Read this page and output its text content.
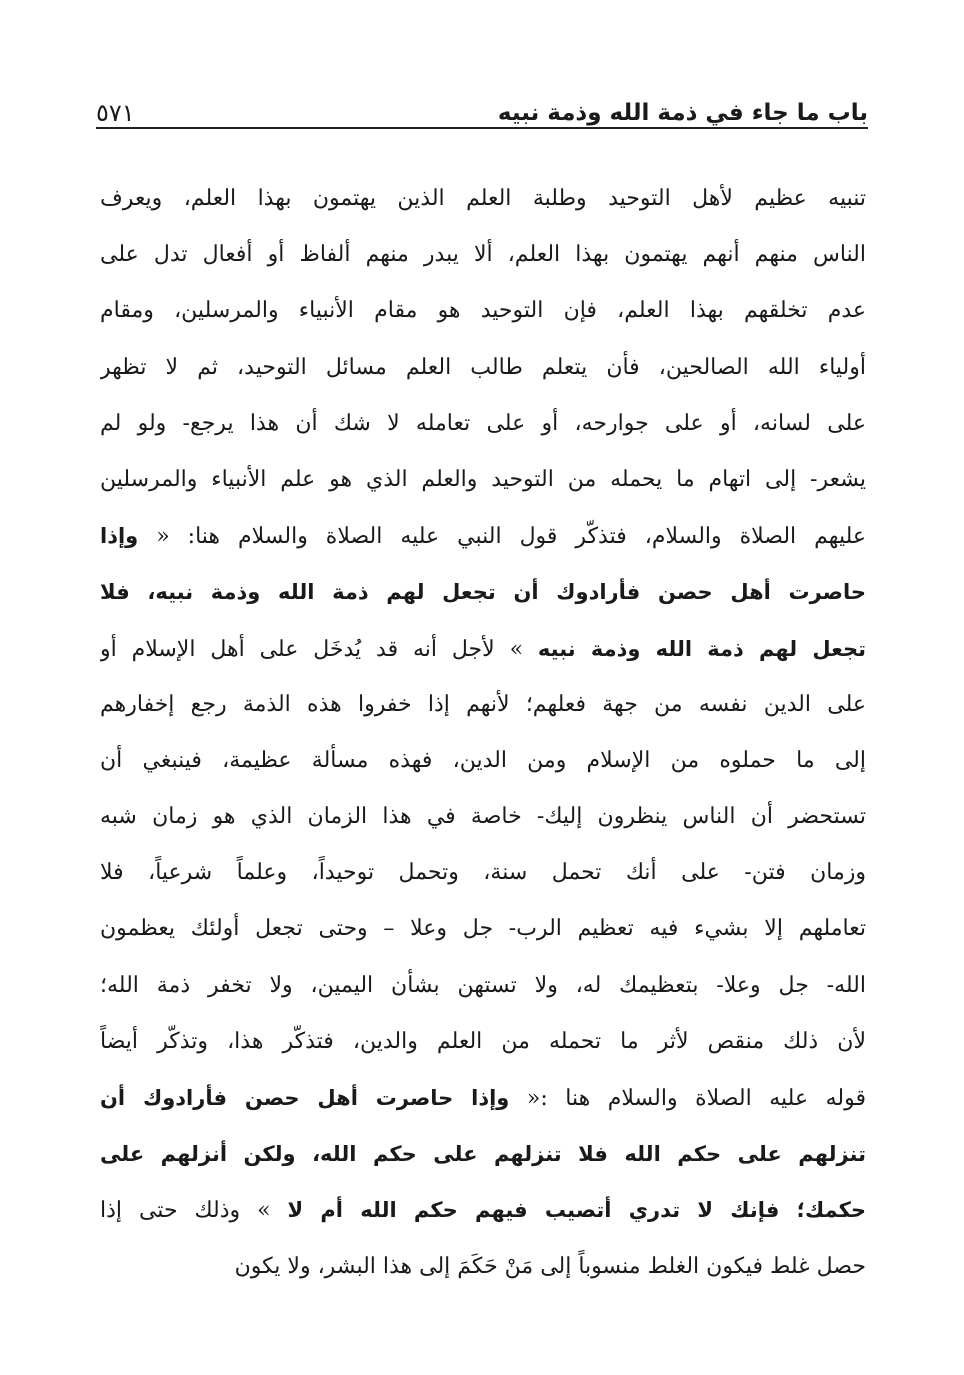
باب ما جاء في ذمة الله وذمة نبيه
٥٧١
تنبيه عظيم لأهل التوحيد وطلبة العلم الذين يهتمون بهذا العلم، ويعرف
الناس منهم أنهم يهتمون بهذا العلم، ألا يبدر منهم ألفاظ أو أفعال تدل على
عدم تخلقهم بهذا العلم، فإن التوحيد هو مقام الأنبياء والمرسلين، ومقام
أولياء الله الصالحين، فأن يتعلم طالب العلم مسائل التوحيد، ثم لا تظهر
على لسانه، أو على جوارحه، أو على تعامله لا شك أن هذا يرجع- ولو لم
يشعر- إلى اتهام ما يحمله من التوحيد والعلم الذي هو علم الأنبياء والمرسلين
عليهم الصلاة والسلام، فتذكّر قول النبي عليه الصلاة والسلام هنا: « وإذا
حاصرت أهل حصن فأرادوك أن تجعل لهم ذمة الله وذمة نبيه، فلا
تجعل لهم ذمة الله وذمة نبيه » لأجل أنه قد يُدخَل على أهل الإسلام أو
على الدين نفسه من جهة فعلهم؛ لأنهم إذا خفروا هذه الذمة رجع إخفارهم
إلى ما حملوه من الإسلام ومن الدين، فهذه مسألة عظيمة، فينبغي أن
تستحضر أن الناس ينظرون إليك- خاصة في هذا الزمان الذي هو زمان شبه
وزمان فتن- على أنك تحمل سنة، وتحمل توحيداً، وعلماً شرعياً، فلا
تعاملهم إلا بشيء فيه تعظيم الرب- جل وعلا – وحتى تجعل أولئك يعظمون
الله- جل وعلا- بتعظيمك له، ولا تستهن بشأن اليمين، ولا تخفر ذمة الله؛
لأن ذلك منقص لأثر ما تحمله من العلم والدين، فتذكّر هذا، وتذكّر أيضاً
قوله عليه الصلاة والسلام هنا :« وإذا حاصرت أهل حصن فأرادوك أن
تنزلهم على حكم الله فلا تنزلهم على حكم الله، ولكن أنزلهم على
حكمك؛ فإنك لا تدري أتصيب فيهم حكم الله أم لا » وذلك حتى إذا
حصل غلط فيكون الغلط منسوباً إلى مَنْ حَكَمَ إلى هذا البشر، ولا يكون
